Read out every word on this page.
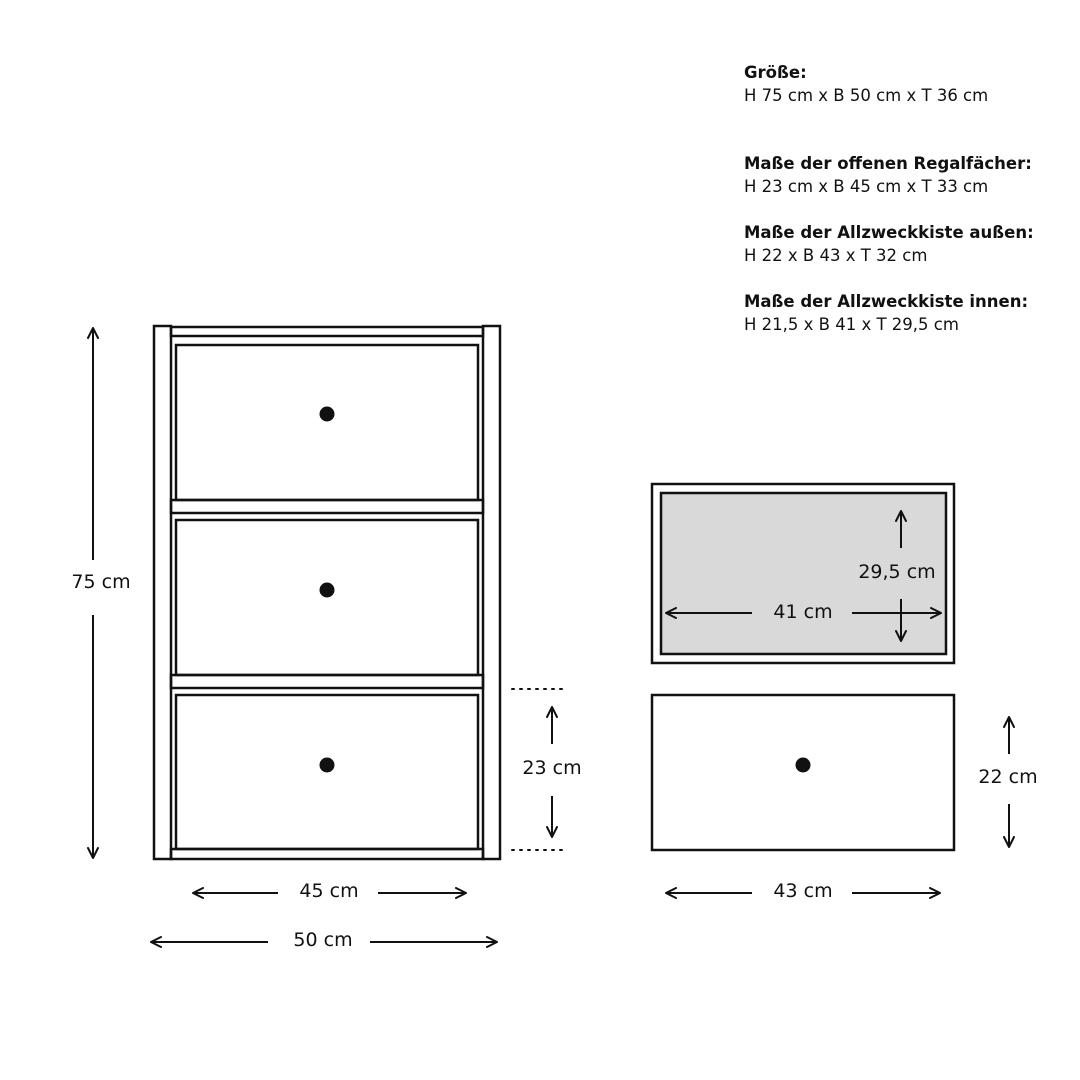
Größe:
H 75 cm x B 50 cm x T 36 cm
Maße der offenen Regalfächer:
H 23 cm x B 45 cm x T 33 cm
Maße der Allzweckkiste außen:
H 22 x B 43 x T 32 cm
Maße der Allzweckkiste innen:
H 21,5 x B 41 x T 29,5 cm
75 cm
45 cm
50 cm
23 cm
29,5 cm
41 cm
22 cm
43 cm
